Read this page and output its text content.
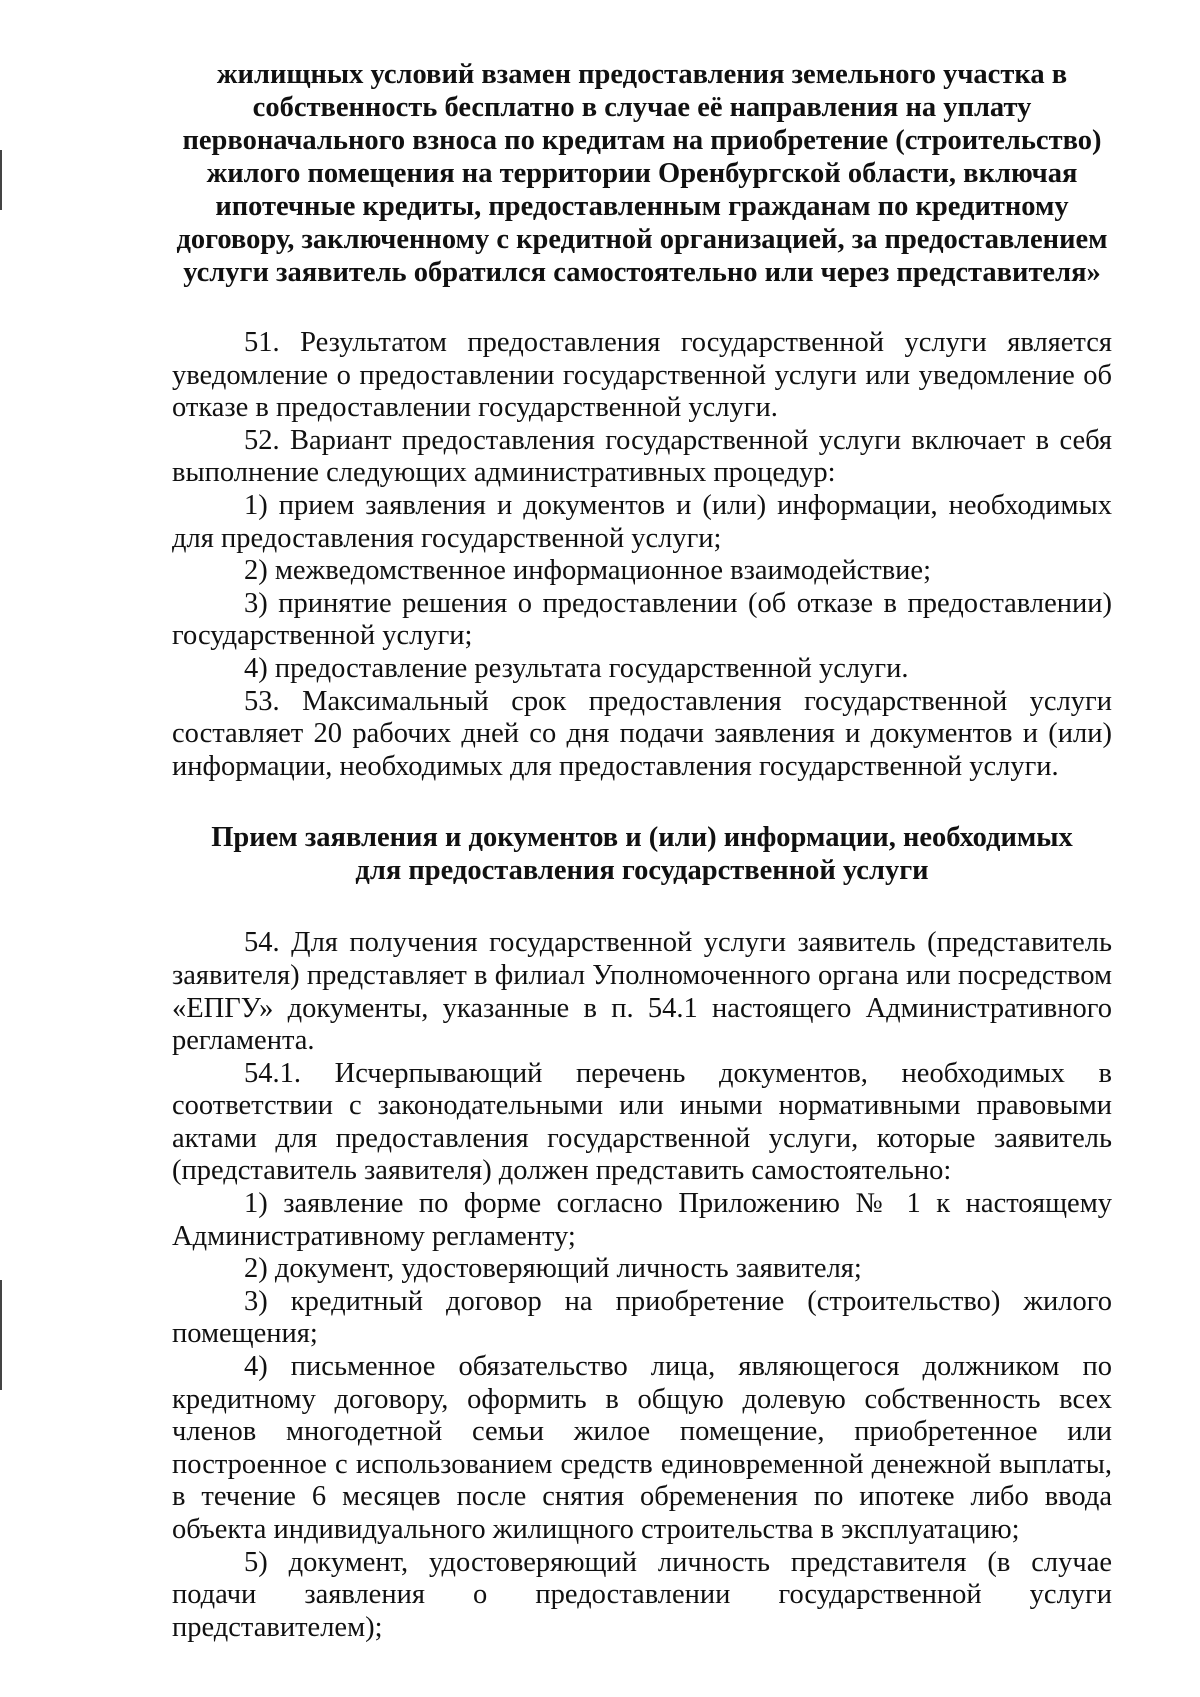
жилищных условий взамен предоставления земельного участка в
собственность бесплатно в случае её направления на уплату
первоначального взноса по кредитам на приобретение (строительство)
жилого помещения на территории Оренбургской области, включая
ипотечные кредиты, предоставленным гражданам по кредитному
договору, заключенному с кредитной организацией, за предоставлением
услуги заявитель обратился самостоятельно или через представителя»

51. Результатом предоставления государственной услуги является уведомление о предоставлении государственной услуги или уведомление об отказе в предоставлении государственной услуги.

52. Вариант предоставления государственной услуги включает в себя выполнение следующих административных процедур:

1) прием заявления и документов и (или) информации, необходимых для предоставления государственной услуги;

2) межведомственное информационное взаимодействие;

3) принятие решения о предоставлении (об отказе в предоставлении) государственной услуги;

4) предоставление результата государственной услуги.

53. Максимальный срок предоставления государственной услуги составляет 20 рабочих дней со дня подачи заявления и документов и (или) информации, необходимых для предоставления государственной услуги.

Прием заявления и документов и (или) информации, необходимых
для предоставления государственной услуги

54. Для получения государственной услуги заявитель (представитель заявителя) представляет в филиал Уполномоченного органа или посредством «ЕПГУ» документы, указанные в п. 54.1 настоящего Административного регламента.

54.1. Исчерпывающий перечень документов, необходимых в соответствии с законодательными или иными нормативными правовыми актами для предоставления государственной услуги, которые заявитель (представитель заявителя) должен представить самостоятельно:

1) заявление по форме согласно Приложению № 1 к настоящему Административному регламенту;

2) документ, удостоверяющий личность заявителя;

3) кредитный договор на приобретение (строительство) жилого помещения;

4) письменное обязательство лица, являющегося должником по кредитному договору, оформить в общую долевую собственность всех членов многодетной семьи жилое помещение, приобретенное или построенное с использованием средств единовременной денежной выплаты, в течение 6 месяцев после снятия обременения по ипотеке либо ввода объекта индивидуального жилищного строительства в эксплуатацию;

5) документ, удостоверяющий личность представителя (в случае подачи заявления о предоставлении государственной услуги представителем);
